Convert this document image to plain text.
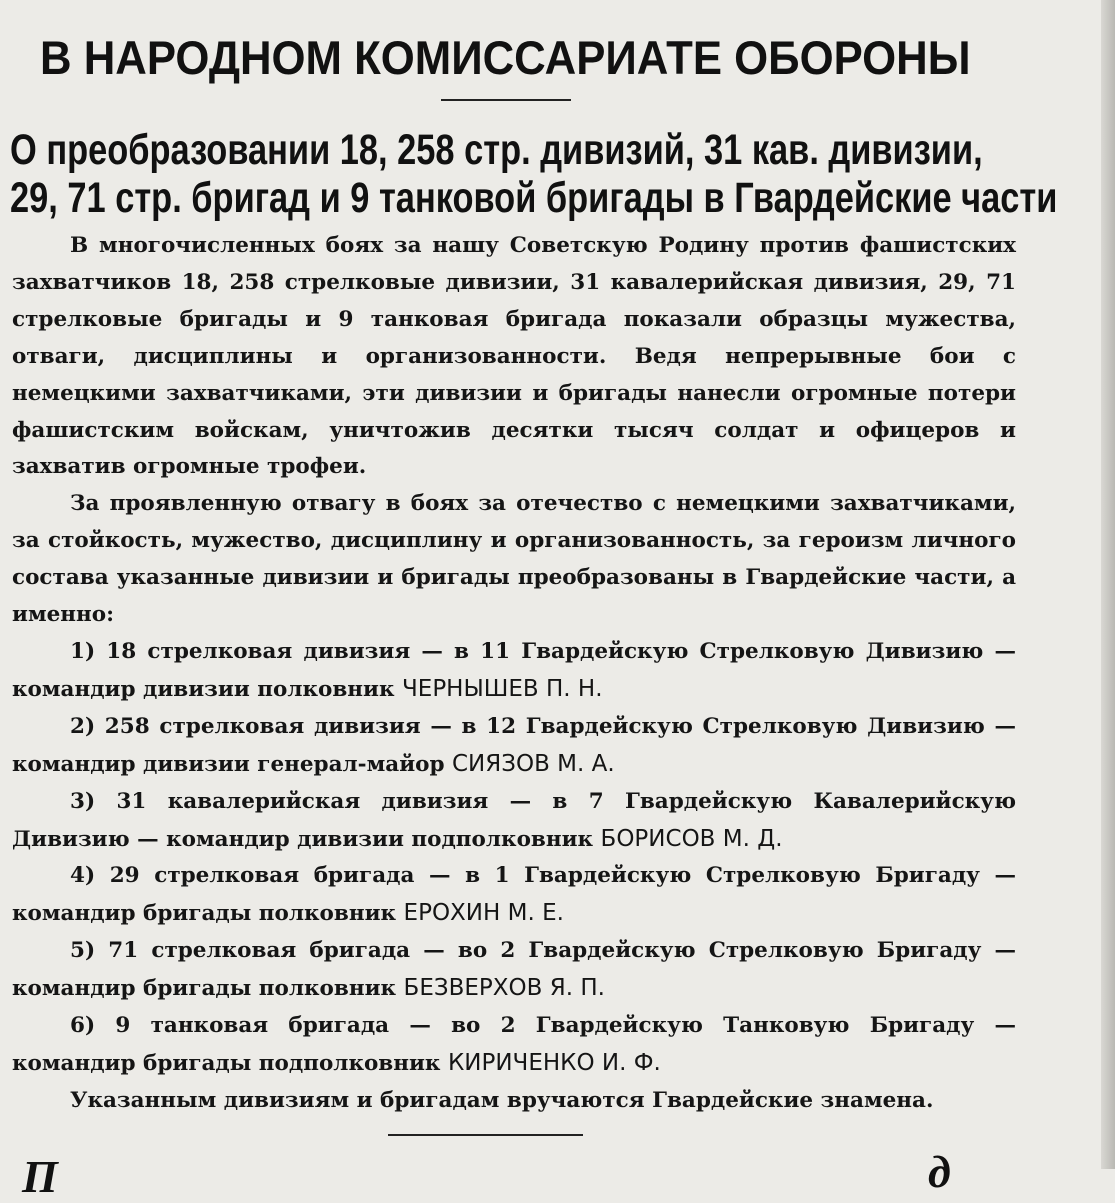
В НАРОДНОМ КОМИССАРИАТЕ ОБОРОНЫ
О преобразовании 18, 258 стр. дивизий, 31 кав. дивизии,
29, 71 стр. бригад и 9 танковой бригады в Гвардейские части

В многочисленных боях за нашу Советскую Родину против фашистских захватчиков 18, 258 стрелковые дивизии, 31 кавалерийская дивизия, 29, 71 стрелковые бригады и 9 танковая бригада показали образцы мужества, отваги, дисциплины и организованности. Ведя непрерывные бои с немецкими захватчиками, эти дивизии и бригады нанесли огромные потери фашистским войскам, уничтожив десятки тысяч солдат и офицеров и захватив огромные трофеи.

За проявленную отвагу в боях за отечество с немецкими захватчиками, за стойкость, мужество, дисциплину и организованность, за героизм личного состава указанные дивизии и бригады преобразованы в Гвардейские части, а именно:

1) 18 стрелковая дивизия — в 11 Гвардейскую Стрелковую Дивизию — командир дивизии полковник ЧЕРНЫШЕВ П. Н.

2) 258 стрелковая дивизия — в 12 Гвардейскую Стрелковую Дивизию — командир дивизии генерал-майор СИЯЗОВ М. А.

3) 31 кавалерийская дивизия — в 7 Гвардейскую Кавалерийскую Дивизию — командир дивизии подполковник БОРИСОВ М. Д.

4) 29 стрелковая бригада — в 1 Гвардейскую Стрелковую Бригаду — командир бригады полковник ЕРОХИН М. Е.

5) 71 стрелковая бригада — во 2 Гвардейскую Стрелковую Бригаду — командир бригады полковник БЕЗВЕРХОВ Я. П.

6) 9 танковая бригада — во 2 Гвардейскую Танковую Бригаду — командир бригады подполковник КИРИЧЕНКО И. Ф.

Указанным дивизиям и бригадам вручаются Гвардейские знамена.

П	д
